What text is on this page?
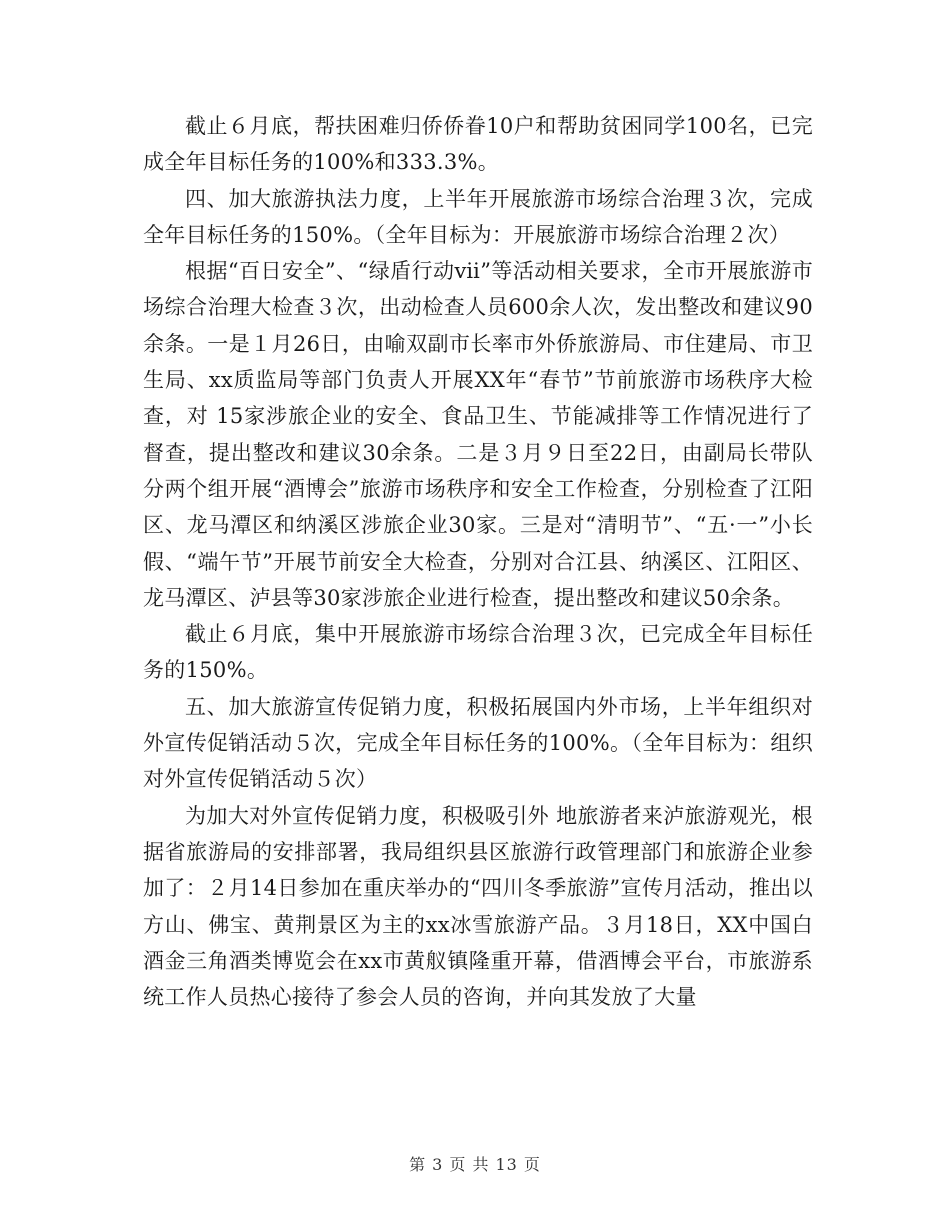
截止６月底，帮扶困难归侨侨眷10户和帮助贫困同学100名，已完成全年目标任务的100%和333.3%。

四、加大旅游执法力度，上半年开展旅游市场综合治理３次，完成全年目标任务的150%。（全年目标为：开展旅游市场综合治理２次）

根据“百日安全”、“绿盾行动ⅶ”等活动相关要求，全市开展旅游市场综合治理大检查３次，出动检查人员600余人次，发出整改和建议90余条。一是１月26日，由喻双副市长率市外侨旅游局、市住建局、市卫生局、xx质监局等部门负责人开展XX年“春节”节前旅游市场秩序大检查，对 15家涉旅企业的安全、食品卫生、节能减排等工作情况进行了督查，提出整改和建议30余条。二是３月９日至22日，由副局长带队分两个组开展“酒博会”旅游市场秩序和安全工作检查，分别检查了江阳区、龙马潭区和纳溪区涉旅企业30家。三是对“清明节”、“五·一”小长假、“端午节”开展节前安全大检查，分别对合江县、纳溪区、江阳区、龙马潭区、泸县等30家涉旅企业进行检查，提出整改和建议50余条。

截止６月底，集中开展旅游市场综合治理３次，已完成全年目标任务的150%。

五、加大旅游宣传促销力度，积极拓展国内外市场，上半年组织对外宣传促销活动５次，完成全年目标任务的100%。（全年目标为：组织对外宣传促销活动５次）

为加大对外宣传促销力度，积极吸引外 地旅游者来泸旅游观光，根据省旅游局的安排部署，我局组织县区旅游行政管理部门和旅游企业参加了：２月14日参加在重庆举办的“四川冬季旅游”宣传月活动，推出以方山、佛宝、黄荆景区为主的xx冰雪旅游产品。３月18日，XX中国白酒金三角酒类博览会在xx市黄舣镇隆重开幕，借酒博会平台，市旅游系统工作人员热心接待了参会人员的咨询，并向其发放了大量

第 3 页 共 13 页
